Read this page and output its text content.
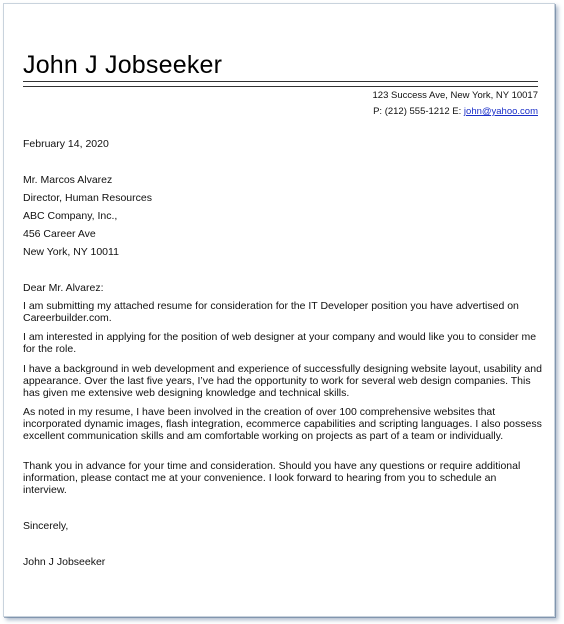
John J Jobseeker
123 Success Ave, New York, NY 10017
P: (212) 555-1212 E: john@yahoo.com
February 14, 2020
Mr. Marcos Alvarez
Director, Human Resources
ABC Company, Inc.,
456 Career Ave
New York, NY 10011
Dear Mr. Alvarez:
I am submitting my attached resume for consideration for the IT Developer position you have advertised on Careerbuilder.com.
I am interested in applying for the position of web designer at your company and would like you to consider me for the role.
I have a background in web development and experience of successfully designing website layout, usability and appearance. Over the last five years, I’ve had the opportunity to work for several web design companies. This has given me extensive web designing knowledge and technical skills.
As noted in my resume, I have been involved in the creation of over 100 comprehensive websites that incorporated dynamic images, flash integration, ecommerce capabilities and scripting languages. I also possess excellent communication skills and am comfortable working on projects as part of a team or individually.
Thank you in advance for your time and consideration. Should you have any questions or require additional information, please contact me at your convenience. I look forward to hearing from you to schedule an interview.
Sincerely,
John J Jobseeker
